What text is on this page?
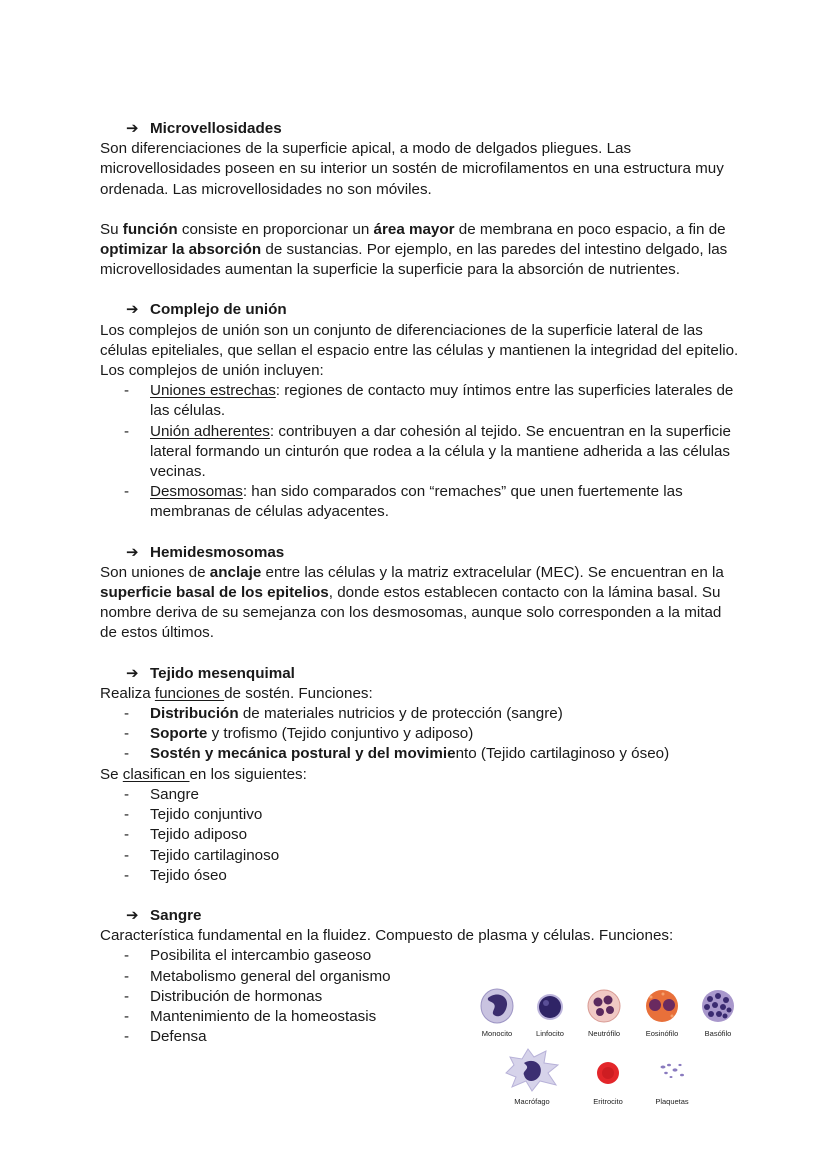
➔ Microvellosidades

Son diferenciaciones de la superficie apical, a modo de delgados pliegues. Las microvellosidades poseen en su interior un sostén de microfilamentos en una estructura muy ordenada. Las microvellosidades no son móviles.

Su función consiste en proporcionar un área mayor de membrana en poco espacio, a fin de optimizar la absorción de sustancias. Por ejemplo, en las paredes del intestino delgado, las microvellosidades aumentan la superficie la superficie para la absorción de nutrientes.

➔ Complejo de unión

Los complejos de unión son un conjunto de diferenciaciones de la superficie lateral de las células epiteliales, que sellan el espacio entre las células y mantienen la integridad del epitelio. Los complejos de unión incluyen:

- Uniones estrechas: regiones de contacto muy íntimos entre las superficies laterales de las células.
- Unión adherentes: contribuyen a dar cohesión al tejido. Se encuentran en la superficie lateral formando un cinturón que rodea a la célula y la mantiene adherida a las células vecinas.
- Desmosomas: han sido comparados con “remaches” que unen fuertemente las membranas de células adyacentes.
➔ Hemidesmosomas

Son uniones de anclaje entre las células y la matriz extracelular (MEC). Se encuentran en la superficie basal de los epitelios, donde estos establecen contacto con la lámina basal. Su nombre deriva de su semejanza con los desmosomas, aunque solo corresponden a la mitad de estos últimos.

➔ Tejido mesenquimal

Realiza funciones de sostén. Funciones:

- Distribución de materiales nutricios y de protección (sangre)
- Soporte y trofismo (Tejido conjuntivo y adiposo)
- Sostén y mecánica postural y del movimiento (Tejido cartilaginoso y óseo)

Se clasifican en los siguientes:

- Sangre
- Tejido conjuntivo
- Tejido adiposo
- Tejido cartilaginoso
- Tejido óseo
➔ Sangre

Característica fundamental en la fluidez. Compuesto de plasma y células. Funciones:

- Posibilita el intercambio gaseoso
- Metabolismo general del organismo
- Distribución de hormonas
- Mantenimiento de la homeostasis
- Defensa	Monocito	Linfocito	Neutrófilo	Eosinófilo	Basófilo
Macrófago	Eritrocito	Plaquetas
